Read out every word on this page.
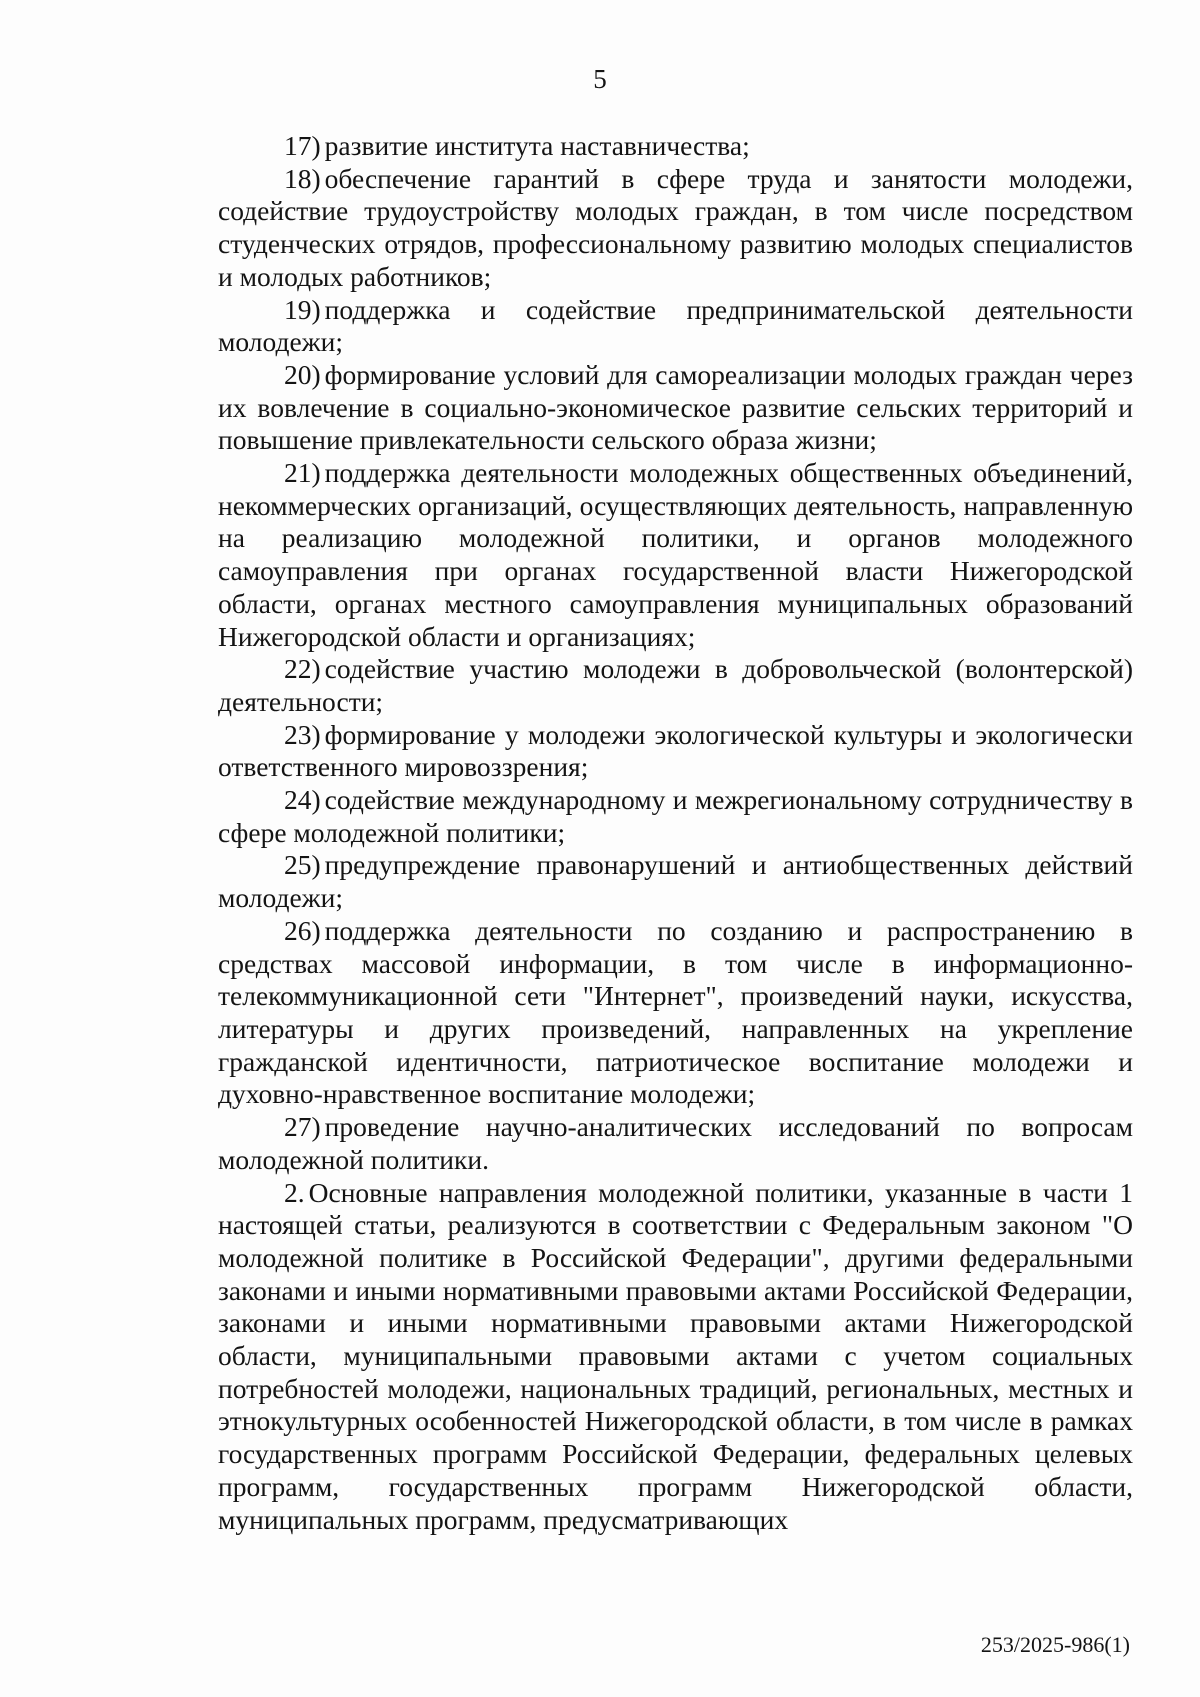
5

17) развитие института наставничества;

18) обеспечение гарантий в сфере труда и занятости молодежи, содействие трудоустройству молодых граждан, в том числе посредством студенческих отрядов, профессиональному развитию молодых специалистов и молодых работников;

19) поддержка и содействие предпринимательской деятельности молодежи;

20) формирование условий для самореализации молодых граждан через их вовлечение в социально-экономическое развитие сельских территорий и повышение привлекательности сельского образа жизни;

21) поддержка деятельности молодежных общественных объединений, некоммерческих организаций, осуществляющих деятельность, направленную на реализацию молодежной политики, и органов молодежного самоуправления при органах государственной власти Нижегородской области, органах местного самоуправления муниципальных образований Нижегородской области и организациях;

22) содействие участию молодежи в добровольческой (волонтерской) деятельности;

23) формирование у молодежи экологической культуры и экологически ответственного мировоззрения;

24) содействие международному и межрегиональному сотрудничеству в сфере молодежной политики;

25) предупреждение правонарушений и антиобщественных действий молодежи;

26) поддержка деятельности по созданию и распространению в средствах массовой информации, в том числе в информационно-телекоммуникационной сети "Интернет", произведений науки, искусства, литературы и других произведений, направленных на укрепление гражданской идентичности, патриотическое воспитание молодежи и духовно-нравственное воспитание молодежи;

27) проведение научно-аналитических исследований по вопросам молодежной политики.

2. Основные направления молодежной политики, указанные в части 1 настоящей статьи, реализуются в соответствии с Федеральным законом "О молодежной политике в Российской Федерации", другими федеральными законами и иными нормативными правовыми актами Российской Федерации, законами и иными нормативными правовыми актами Нижегородской области, муниципальными правовыми актами с учетом социальных потребностей молодежи, национальных традиций, региональных, местных и этнокультурных особенностей Нижегородской области, в том числе в рамках государственных программ Российской Федерации, федеральных целевых программ, государственных программ Нижегородской области, муниципальных программ, предусматривающих

253/2025-986(1)
